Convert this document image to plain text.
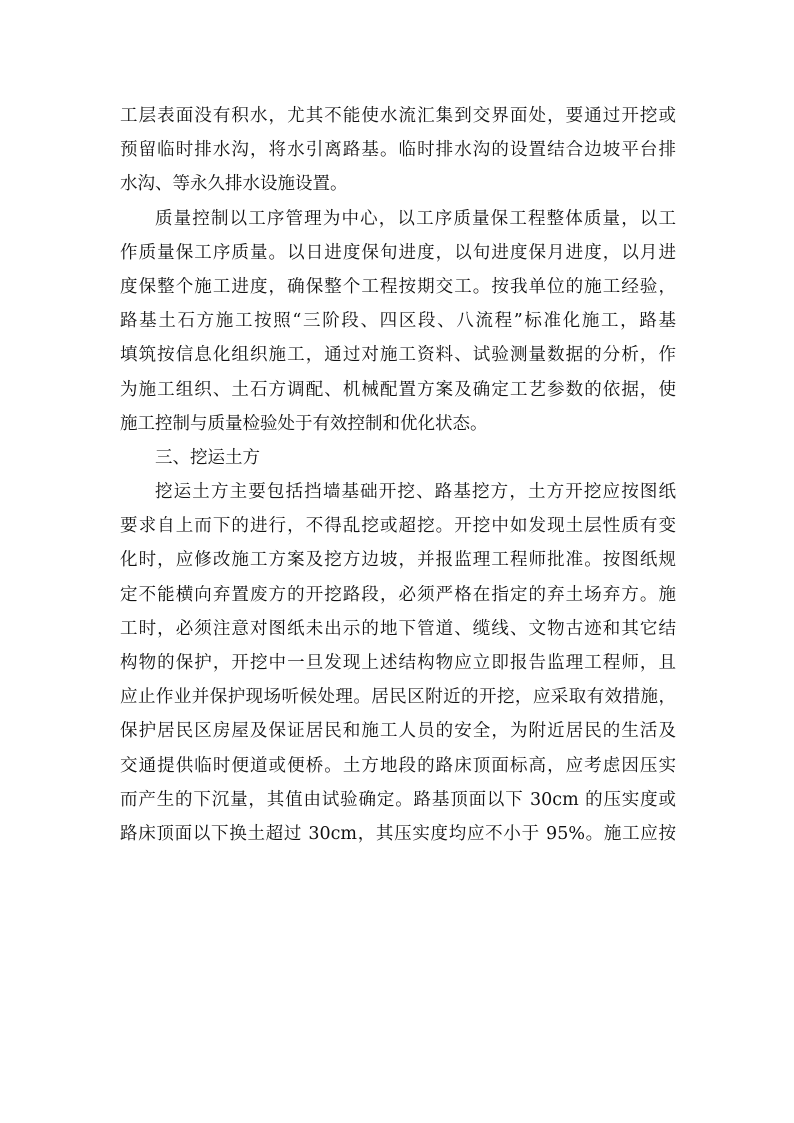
工层表面没有积水，尤其不能使水流汇集到交界面处，要通过开挖或
预留临时排水沟，将水引离路基。临时排水沟的设置结合边坡平台排
水沟、等永久排水设施设置。
质量控制以工序管理为中心，以工序质量保工程整体质量，以工
作质量保工序质量。以日进度保旬进度，以旬进度保月进度，以月进
度保整个施工进度，确保整个工程按期交工。按我单位的施工经验，
路基土石方施工按照“三阶段、四区段、八流程”标准化施工，路基
填筑按信息化组织施工，通过对施工资料、试验测量数据的分析，作
为施工组织、土石方调配、机械配置方案及确定工艺参数的依据，使
施工控制与质量检验处于有效控制和优化状态。
三、挖运土方
挖运土方主要包括挡墙基础开挖、路基挖方，土方开挖应按图纸
要求自上而下的进行，不得乱挖或超挖。开挖中如发现土层性质有变
化时，应修改施工方案及挖方边坡，并报监理工程师批准。按图纸规
定不能横向弃置废方的开挖路段，必须严格在指定的弃土场弃方。施
工时，必须注意对图纸未出示的地下管道、缆线、文物古迹和其它结
构物的保护，开挖中一旦发现上述结构物应立即报告监理工程师，且
应止作业并保护现场听候处理。居民区附近的开挖，应采取有效措施，
保护居民区房屋及保证居民和施工人员的安全，为附近居民的生活及
交通提供临时便道或便桥。土方地段的路床顶面标高，应考虑因压实
而产生的下沉量，其值由试验确定。路基顶面以下 30cm 的压实度或
路床顶面以下换土超过 30cm，其压实度均应不小于 95%。施工应按
